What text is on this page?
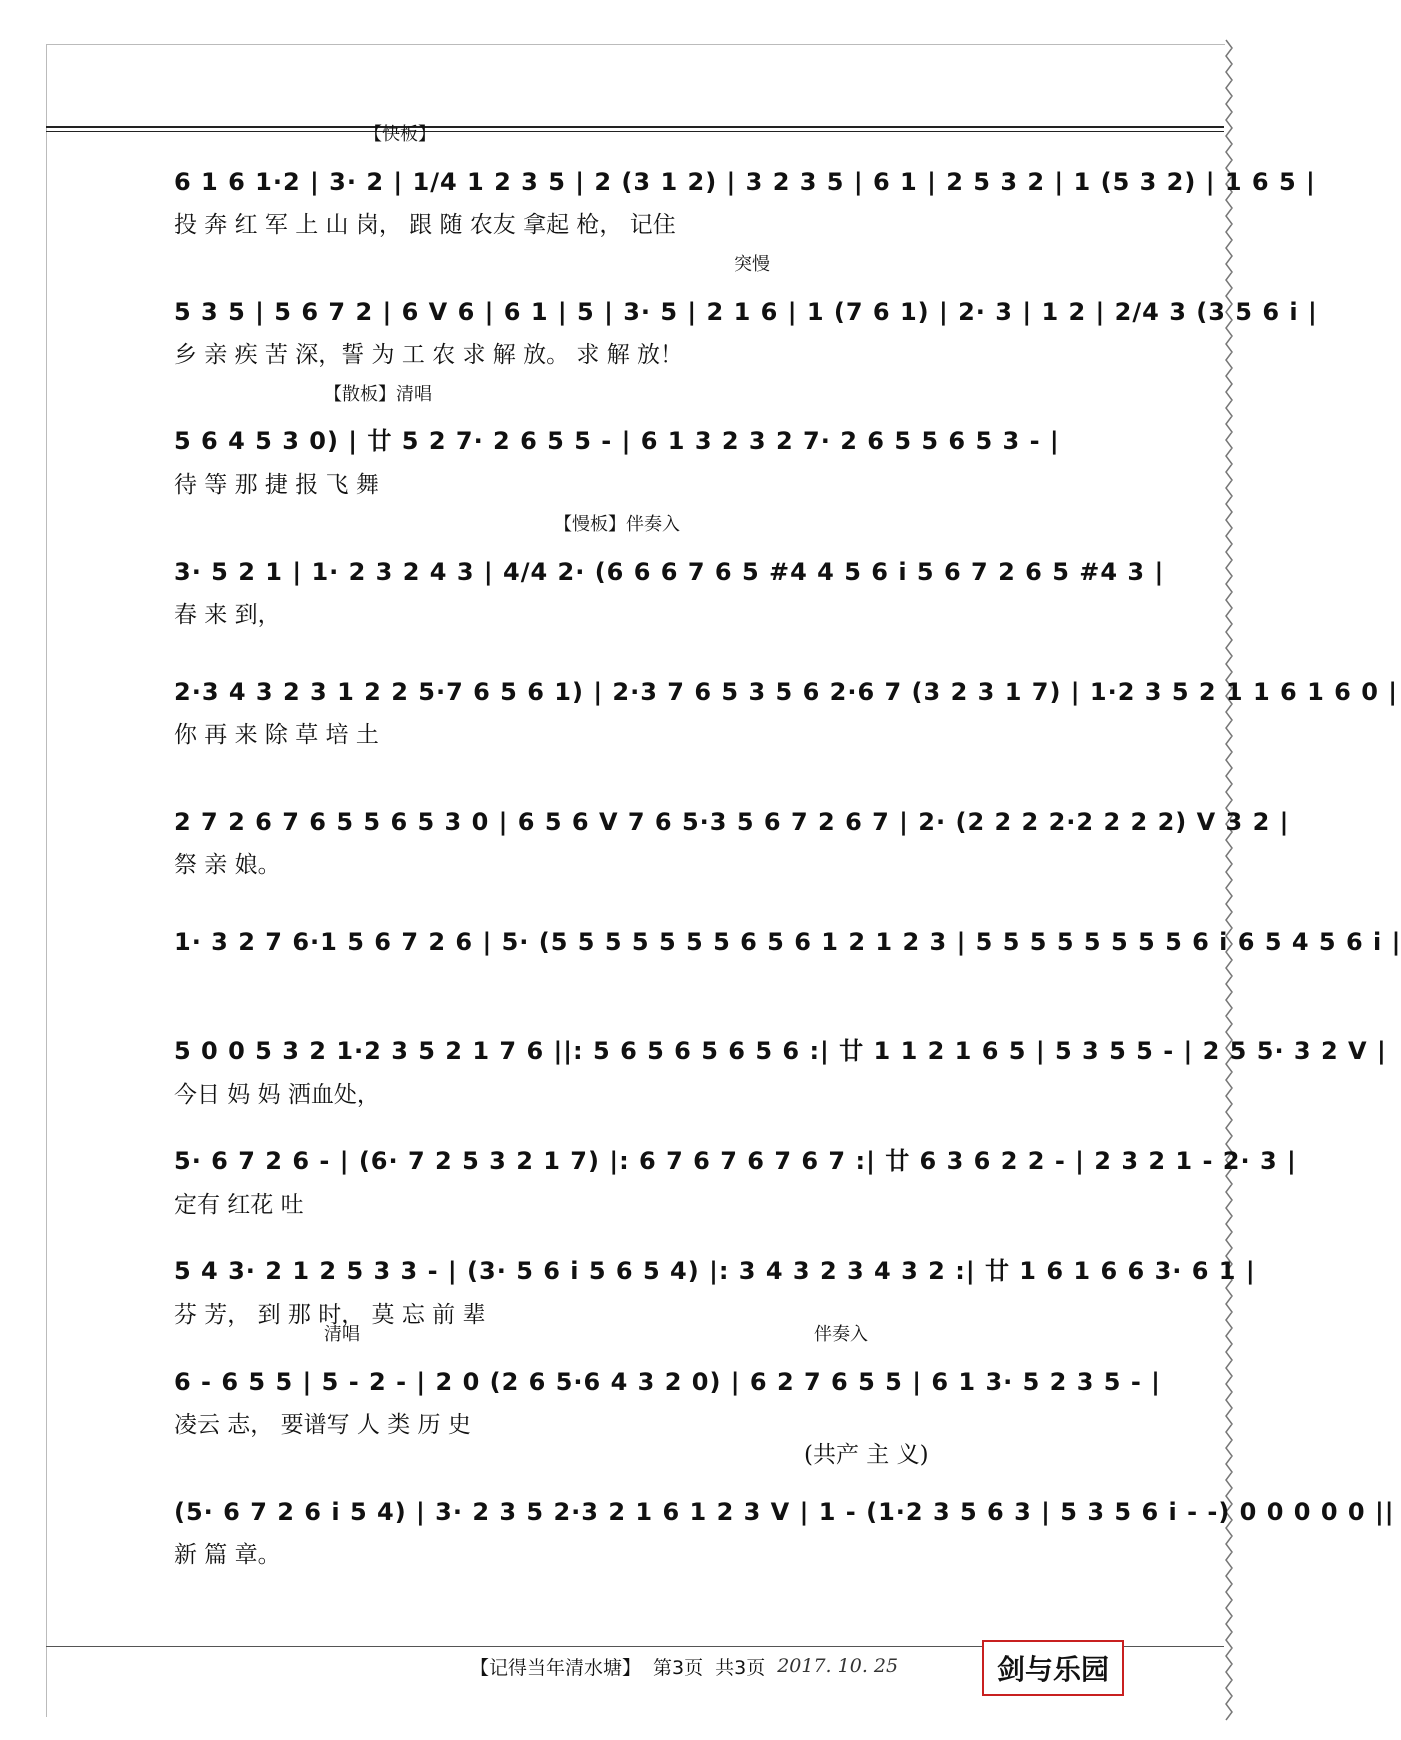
【快板】
6 1 6 1·2 | 3· 2 | 1/4 1 2 3 5 | 2 (3 1 2) | 3 2 3 5 | 6 1 | 2 5 3 2 | 1 (5 3 2) | 1 6 5 |
投 奔 红 军 上 山 岗， 跟 随 农友 拿起 枪， 记住
突慢
5 3 5 | 5 6 7 2 | 6 V 6 | 6 1 | 5 | 3· 5 | 2 1 6 | 1 (7 6 1) | 2· 3 | 1 2 | 2/4 3 (3 5 6 i |
乡 亲 疾 苦 深，誓 为 工 农 求 解 放。 求 解 放！
【散板】清唱
5 6 4 5 3 0) | 廿 5 2 7· 2 6 5 5 - | 6 1 3 2 3 2 7· 2 6 5 5 6 5 3 - |
待 等 那 捷 报 飞 舞
【慢板】伴奏入
3· 5 2 1 | 1· 2 3 2 4 3 | 4/4 2· (6 6 6 7 6 5 #4 4 5 6 i 5 6 7 2 6 5 #4 3 |
春 来 到，
2·3 4 3 2 3 1 2 2 5·7 6 5 6 1) | 2·3 7 6 5 3 5 6 2·6 7 (3 2 3 1 7) | 1·2 3 5 2 1 1 6 1 6 0 |
你 再 来 除 草 培 土
2 7 2 6 7 6 5 5 6 5 3 0 | 6 5 6 V 7 6 5·3 5 6 7 2 6 7 | 2· (2 2 2 2·2 2 2 2) V 3 2 |
祭 亲 娘。
1· 3 2 7 6·1 5 6 7 2 6 | 5· (5 5 5 5 5 5 5 6 5 6 1 2 1 2 3 | 5 5 5 5 5 5 5 5 6 i 6 5 4 5 6 i |
5 0 0 5 3 2 1·2 3 5 2 1 7 6 ||: 5 6 5 6 5 6 5 6 :| 廿 1 1 2 1 6 5 | 5 3 5 5 - | 2 5 5· 3 2 V |
今日 妈 妈 洒血处，
5· 6 7 2 6 - | (6· 7 2 5 3 2 1 7) |: 6 7 6 7 6 7 6 7 :| 廿 6 3 6 2 2 - | 2 3 2 1 - 2· 3 |
定有 红花 吐
5 4 3· 2 1 2 5 3 3 - | (3· 5 6 i 5 6 5 4) |: 3 4 3 2 3 4 3 2 :| 廿 1 6 1 6 6 3· 6 1 |
芬 芳， 到 那 时， 莫 忘 前 辈
清唱	伴奏入
6 - 6 5 5 | 5 - 2 - | 2 0 (2 6 5·6 4 3 2 0) | 6 2 7 6 5 5 | 6 1 3· 5 2 3 5 - |
凌云 志， 要谱写 人 类 历 史
(共产 主 义)
(5· 6 7 2 6 i 5 4) | 3· 2 3 5 2·3 2 1 6 1 2 3 V | 1 - (1·2 3 5 6 3 | 5 3 5 6 i - -) 0 0 0 0 0 ||
新 篇 章。
【记得当年清水塘】 第3页 共3页 2017. 10. 25	剑与乐园
